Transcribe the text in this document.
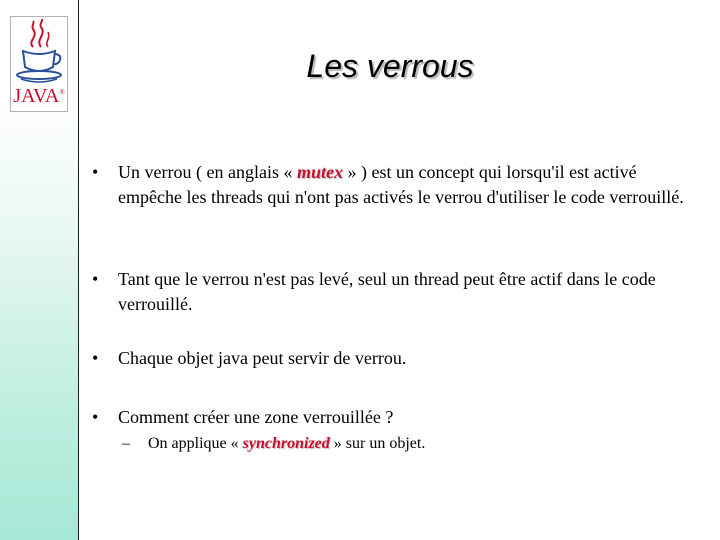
JAVA®
Les verrous
•	Un verrou ( en anglais « mutex » ) est un concept qui lorsqu'il est activé empêche les threads qui n'ont pas activés le verrou d'utiliser le code verrouillé.
•	Tant que le verrou n'est pas levé, seul un thread peut être actif dans le code verrouillé.
•	Chaque objet java peut servir de verrou.
•	Comment créer une zone verrouillée ?
– On applique « synchronized » sur un objet.
